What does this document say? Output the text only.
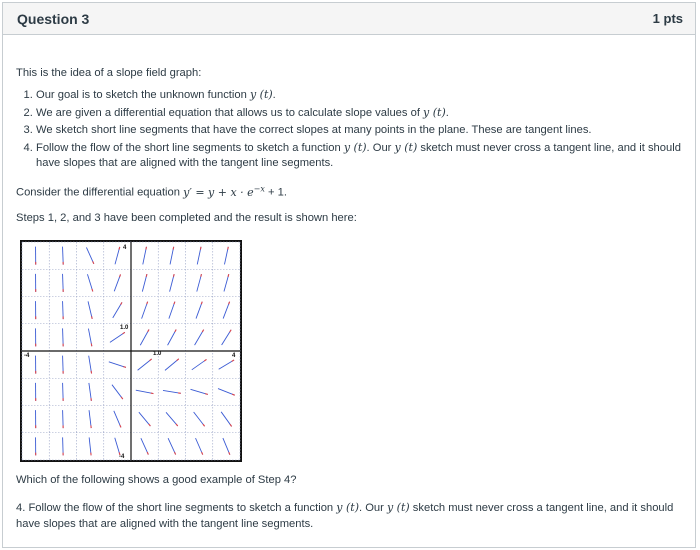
Question 3	1 pts
This is the idea of a slope field graph:
1. Our goal is to sketch the unknown function y (t).
2. We are given a differential equation that allows us to calculate slope values of y (t).
3. We sketch short line segments that have the correct slopes at many points in the plane. These are tangent lines.
4. Follow the flow of the short line segments to sketch a function y (t). Our y (t) sketch must never cross a tangent line, and it should have slopes that are aligned with the tangent line segments.
Consider the differential equation $y' = y + x \cdot e^{-x} + 1$.
Steps 1, 2, and 3 have been completed and the result is shown here:
1.0
1.0
-4	4
-4
4
Which of the following shows a good example of Step 4?
4. Follow the flow of the short line segments to sketch a function y (t). Our y (t) sketch must never cross a tangent line, and it should have slopes that are aligned with the tangent line segments.
